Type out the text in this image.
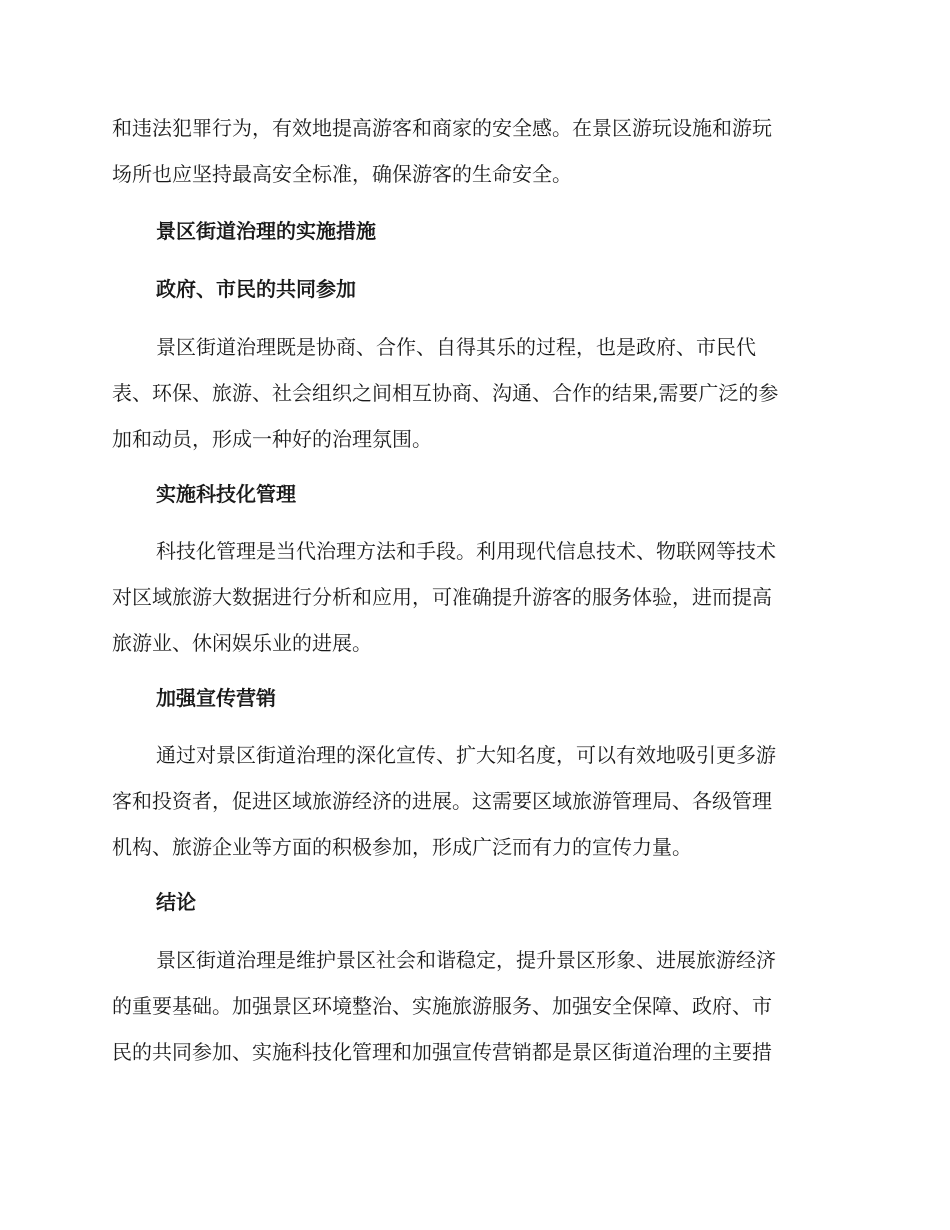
和违法犯罪行为，有效地提高游客和商家的安全感。在景区游玩设施和游玩
场所也应坚持最高安全标准，确保游客的生命安全。
景区街道治理的实施措施
政府、市民的共同参加
景区街道治理既是协商、合作、自得其乐的过程，也是政府、市民代
表、环保、旅游、社会组织之间相互协商、沟通、合作的结果,需要广泛的参
加和动员，形成一种好的治理氛围。
实施科技化管理
科技化管理是当代治理方法和手段。利用现代信息技术、物联网等技术
对区域旅游大数据进行分析和应用，可准确提升游客的服务体验，进而提高
旅游业、休闲娱乐业的进展。
加强宣传营销
通过对景区街道治理的深化宣传、扩大知名度，可以有效地吸引更多游
客和投资者，促进区域旅游经济的进展。这需要区域旅游管理局、各级管理
机构、旅游企业等方面的积极参加，形成广泛而有力的宣传力量。
结论
景区街道治理是维护景区社会和谐稳定，提升景区形象、进展旅游经济
的重要基础。加强景区环境整治、实施旅游服务、加强安全保障、政府、市
民的共同参加、实施科技化管理和加强宣传营销都是景区街道治理的主要措
